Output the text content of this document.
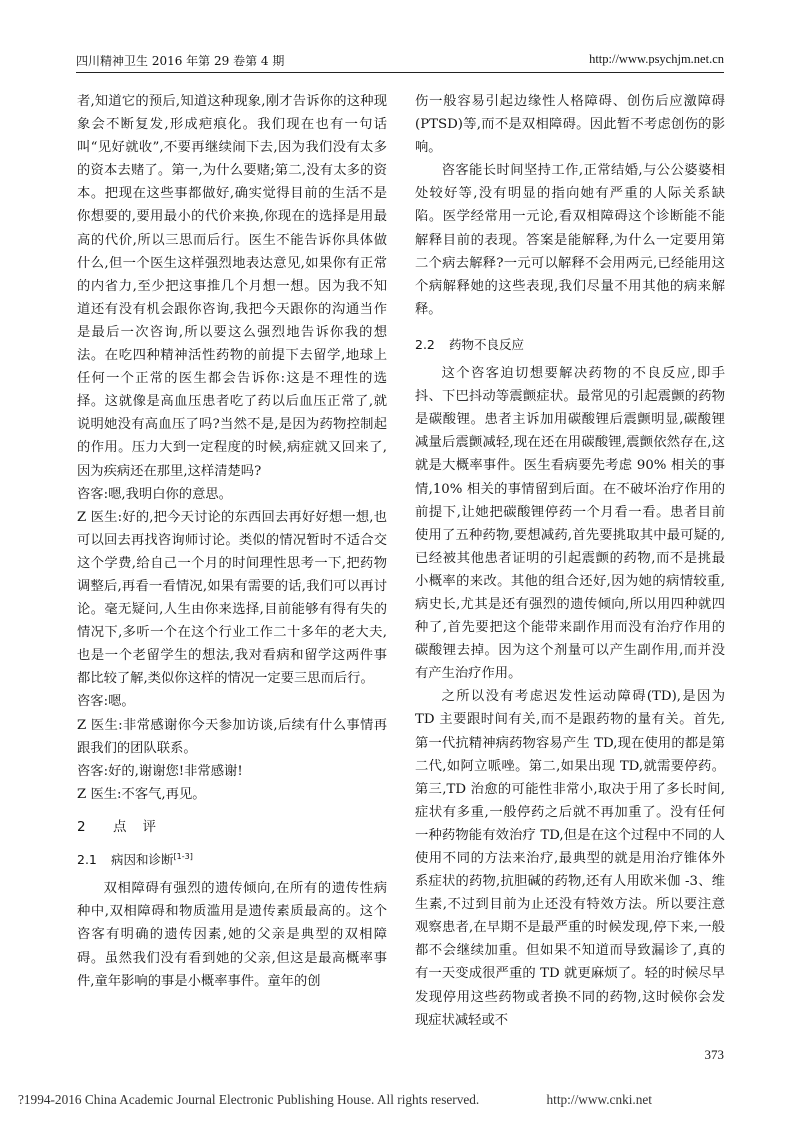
四川精神卫生 2016 年第 29 卷第 4 期	http://www.psychjm.net.cn

者,知道它的预后,知道这种现象,刚才告诉你的这种现象会不断复发,形成疤痕化。我们现在也有一句话叫“见好就收”,不要再继续闹下去,因为我们没有太多的资本去赌了。第一,为什么要赌;第二,没有太多的资本。把现在这些事都做好,确实觉得目前的生活不是你想要的,要用最小的代价来换,你现在的选择是用最高的代价,所以三思而后行。医生不能告诉你具体做什么,但一个医生这样强烈地表达意见,如果你有正常的内省力,至少把这事推几个月想一想。因为我不知道还有没有机会跟你咨询,我把今天跟你的沟通当作是最后一次咨询,所以要这么强烈地告诉你我的想法。在吃四种精神活性药物的前提下去留学,地球上任何一个正常的医生都会告诉你:这是不理性的选择。这就像是高血压患者吃了药以后血压正常了,就说明她没有高血压了吗?当然不是,是因为药物控制起的作用。压力大到一定程度的时候,病症就又回来了,因为疾病还在那里,这样清楚吗?

咨客:嗯,我明白你的意思。

Z 医生:好的,把今天讨论的东西回去再好好想一想,也可以回去再找咨询师讨论。类似的情况暂时不适合交这个学费,给自己一个月的时间理性思考一下,把药物调整后,再看一看情况,如果有需要的话,我们可以再讨论。毫无疑问,人生由你来选择,目前能够有得有失的情况下,多听一个在这个行业工作二十多年的老大夫,也是一个老留学生的想法,我对看病和留学这两件事都比较了解,类似你这样的情况一定要三思而后行。

咨客:嗯。

Z 医生:非常感谢你今天参加访谈,后续有什么事情再跟我们的团队联系。

咨客:好的,谢谢您!非常感谢!

Z 医生:不客气,再见。

2 点评
2.1 病因和诊断[1-3]

双相障碍有强烈的遗传倾向,在所有的遗传性病种中,双相障碍和物质滥用是遗传素质最高的。这个咨客有明确的遗传因素,她的父亲是典型的双相障碍。虽然我们没有看到她的父亲,但这是最高概率事件,童年影响的事是小概率事件。童年的创

伤一般容易引起边缘性人格障碍、创伤后应激障碍(PTSD)等,而不是双相障碍。因此暂不考虑创伤的影响。

咨客能长时间坚持工作,正常结婚,与公公婆婆相处较好等,没有明显的指向她有严重的人际关系缺陷。医学经常用一元论,看双相障碍这个诊断能不能解释目前的表现。答案是能解释,为什么一定要用第二个病去解释?一元可以解释不会用两元,已经能用这个病解释她的这些表现,我们尽量不用其他的病来解释。

2.2 药物不良反应

这个咨客迫切想要解决药物的不良反应,即手抖、下巴抖动等震颤症状。最常见的引起震颤的药物是碳酸锂。患者主诉加用碳酸锂后震颤明显,碳酸锂减量后震颤减轻,现在还在用碳酸锂,震颤依然存在,这就是大概率事件。医生看病要先考虑 90% 相关的事情,10% 相关的事情留到后面。在不破坏治疗作用的前提下,让她把碳酸锂停药一个月看一看。患者目前使用了五种药物,要想减药,首先要挑取其中最可疑的,已经被其他患者证明的引起震颤的药物,而不是挑最小概率的来改。其他的组合还好,因为她的病情较重,病史长,尤其是还有强烈的遗传倾向,所以用四种就四种了,首先要把这个能带来副作用而没有治疗作用的碳酸锂去掉。因为这个剂量可以产生副作用,而并没有产生治疗作用。

之所以没有考虑迟发性运动障碍(TD),是因为 TD 主要跟时间有关,而不是跟药物的量有关。首先,第一代抗精神病药物容易产生 TD,现在使用的都是第二代,如阿立哌唑。第二,如果出现 TD,就需要停药。第三,TD 治愈的可能性非常小,取决于用了多长时间,症状有多重,一般停药之后就不再加重了。没有任何一种药物能有效治疗 TD,但是在这个过程中不同的人使用不同的方法来治疗,最典型的就是用治疗锥体外系症状的药物,抗胆碱的药物,还有人用欧米伽 -3、维生素,不过到目前为止还没有特效方法。所以要注意观察患者,在早期不是最严重的时候发现,停下来,一般都不会继续加重。但如果不知道而导致漏诊了,真的有一天变成很严重的 TD 就更麻烦了。轻的时候尽早发现停用这些药物或者换不同的药物,这时候你会发现症状减轻或不

373
?1994-2016 China Academic Journal Electronic Publishing House. All rights reserved.	http://www.cnki.net
